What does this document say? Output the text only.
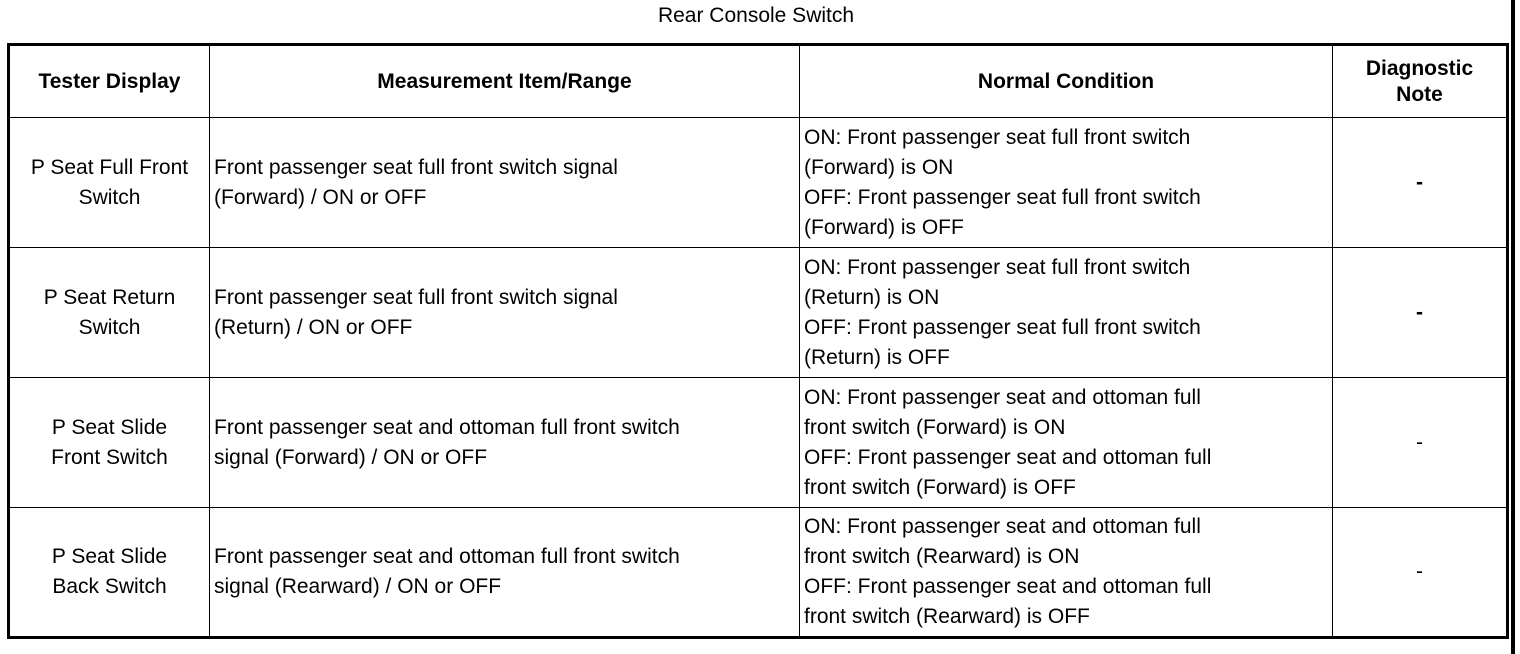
Rear Console Switch
Tester Display	Measurement Item/Range	Normal Condition	Diagnostic
Note

P Seat Full Front
Switch	Front passenger seat full front switch signal
(Forward) / ON or OFF	ON: Front passenger seat full front switch
(Forward) is ON
OFF: Front passenger seat full front switch
(Forward) is OFF	-

P Seat Return
Switch	Front passenger seat full front switch signal
(Return) / ON or OFF	ON: Front passenger seat full front switch
(Return) is ON
OFF: Front passenger seat full front switch
(Return) is OFF	-

P Seat Slide
Front Switch	Front passenger seat and ottoman full front switch
signal (Forward) / ON or OFF	ON: Front passenger seat and ottoman full
front switch (Forward) is ON
OFF: Front passenger seat and ottoman full
front switch (Forward) is OFF	-

P Seat Slide
Back Switch	Front passenger seat and ottoman full front switch
signal (Rearward) / ON or OFF	ON: Front passenger seat and ottoman full
front switch (Rearward) is ON
OFF: Front passenger seat and ottoman full
front switch (Rearward) is OFF	-
